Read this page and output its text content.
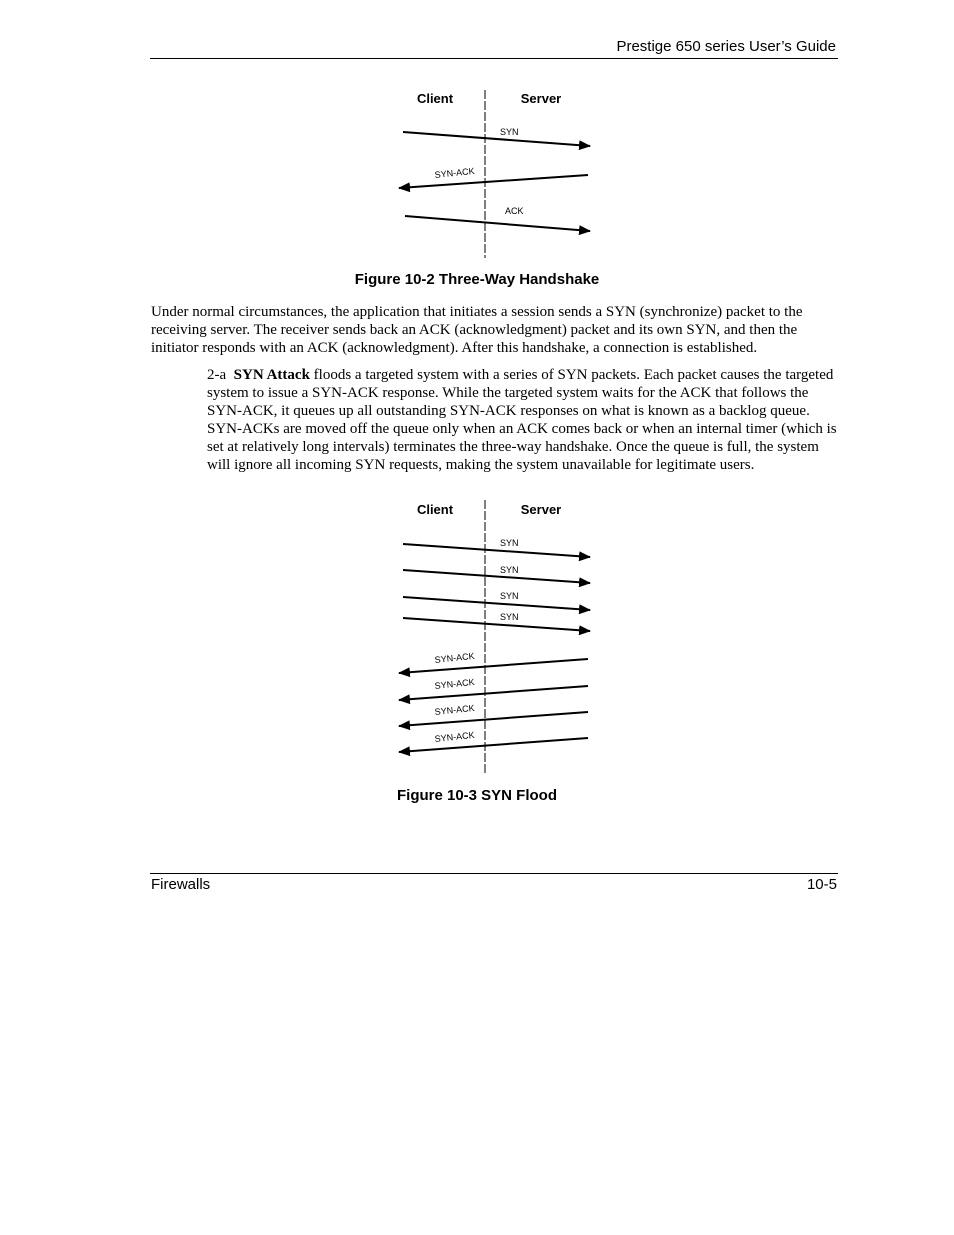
Prestige 650 series User’s Guide
Client	Server
SYN
SYN-ACK
ACK
Figure 10-2 Three-Way Handshake
Under normal circumstances, the application that initiates a session sends a SYN (synchronize) packet to the receiving server. The receiver sends back an ACK (acknowledgment) packet and its own SYN, and then the initiator responds with an ACK (acknowledgment). After this handshake, a connection is established.
2-a SYN Attack floods a targeted system with a series of SYN packets. Each packet causes the targeted system to issue a SYN-ACK response. While the targeted system waits for the ACK that follows the SYN-ACK, it queues up all outstanding SYN-ACK responses on what is known as a backlog queue. SYN-ACKs are moved off the queue only when an ACK comes back or when an internal timer (which is set at relatively long intervals) terminates the three-way handshake. Once the queue is full, the system will ignore all incoming SYN requests, making the system unavailable for legitimate users.
Client	Server
SYN
SYN
SYN
SYN
SYN-ACK
SYN-ACK
SYN-ACK
SYN-ACK
Figure 10-3 SYN Flood
Firewalls	10-5
